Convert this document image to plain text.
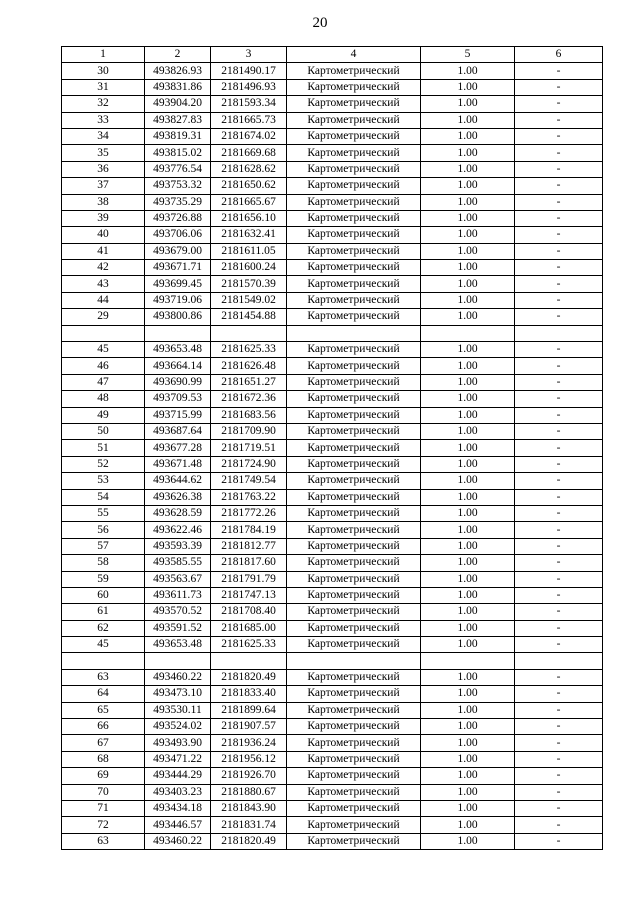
20
1	2	3	4	5	6
30	493826.93	2181490.17	Картометрический	1.00	-
31	493831.86	2181496.93	Картометрический	1.00	-
32	493904.20	2181593.34	Картометрический	1.00	-
33	493827.83	2181665.73	Картометрический	1.00	-
34	493819.31	2181674.02	Картометрический	1.00	-
35	493815.02	2181669.68	Картометрический	1.00	-
36	493776.54	2181628.62	Картометрический	1.00	-
37	493753.32	2181650.62	Картометрический	1.00	-
38	493735.29	2181665.67	Картометрический	1.00	-
39	493726.88	2181656.10	Картометрический	1.00	-
40	493706.06	2181632.41	Картометрический	1.00	-
41	493679.00	2181611.05	Картометрический	1.00	-
42	493671.71	2181600.24	Картометрический	1.00	-
43	493699.45	2181570.39	Картометрический	1.00	-
44	493719.06	2181549.02	Картометрический	1.00	-
29	493800.86	2181454.88	Картометрический	1.00	-

45	493653.48	2181625.33	Картометрический	1.00	-
46	493664.14	2181626.48	Картометрический	1.00	-
47	493690.99	2181651.27	Картометрический	1.00	-
48	493709.53	2181672.36	Картометрический	1.00	-
49	493715.99	2181683.56	Картометрический	1.00	-
50	493687.64	2181709.90	Картометрический	1.00	-
51	493677.28	2181719.51	Картометрический	1.00	-
52	493671.48	2181724.90	Картометрический	1.00	-
53	493644.62	2181749.54	Картометрический	1.00	-
54	493626.38	2181763.22	Картометрический	1.00	-
55	493628.59	2181772.26	Картометрический	1.00	-
56	493622.46	2181784.19	Картометрический	1.00	-
57	493593.39	2181812.77	Картометрический	1.00	-
58	493585.55	2181817.60	Картометрический	1.00	-
59	493563.67	2181791.79	Картометрический	1.00	-
60	493611.73	2181747.13	Картометрический	1.00	-
61	493570.52	2181708.40	Картометрический	1.00	-
62	493591.52	2181685.00	Картометрический	1.00	-
45	493653.48	2181625.33	Картометрический	1.00	-

63	493460.22	2181820.49	Картометрический	1.00	-
64	493473.10	2181833.40	Картометрический	1.00	-
65	493530.11	2181899.64	Картометрический	1.00	-
66	493524.02	2181907.57	Картометрический	1.00	-
67	493493.90	2181936.24	Картометрический	1.00	-
68	493471.22	2181956.12	Картометрический	1.00	-
69	493444.29	2181926.70	Картометрический	1.00	-
70	493403.23	2181880.67	Картометрический	1.00	-
71	493434.18	2181843.90	Картометрический	1.00	-
72	493446.57	2181831.74	Картометрический	1.00	-
63	493460.22	2181820.49	Картометрический	1.00	-
